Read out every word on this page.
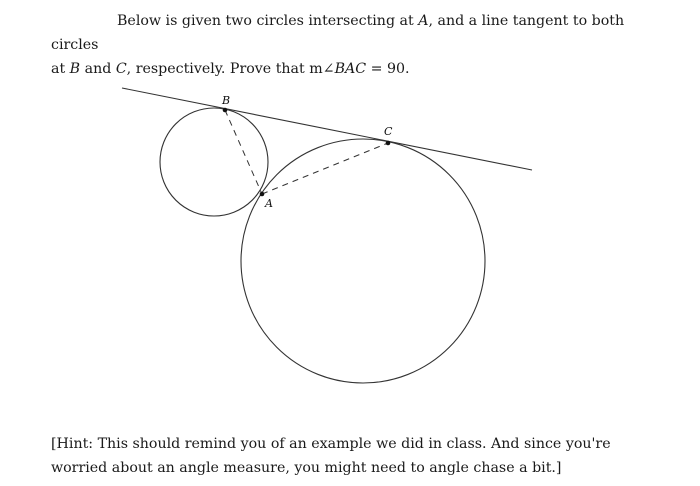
Below is given two circles intersecting at A, and a line tangent to both circles
at B and C, respectively. Prove that m∠BAC = 90.

B
C
A

[Hint: This should remind you of an example we did in class. And since you're worried about an angle measure, you might need to angle chase a bit.]
